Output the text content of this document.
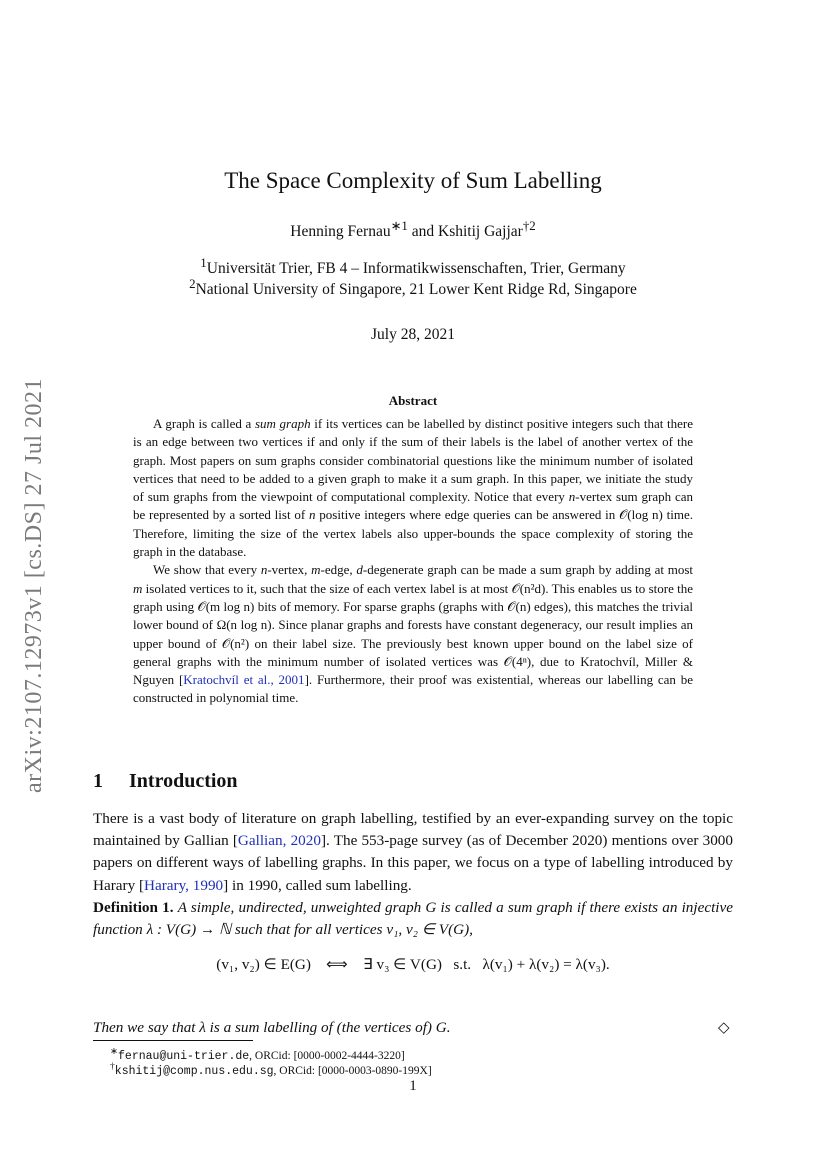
arXiv:2107.12973v1 [cs.DS] 27 Jul 2021
The Space Complexity of Sum Labelling
Henning Fernau$^{∗1}$ and Kshitij Gajjar$^{\dagger 2}$
$^1$Universität Trier, FB 4 – Informatikwissenschaften, Trier, Germany
$^2$National University of Singapore, 21 Lower Kent Ridge Rd, Singapore
July 28, 2021
Abstract

A graph is called a sum graph if its vertices can be labelled by distinct positive integers such that there is an edge between two vertices if and only if the sum of their labels is the label of another vertex of the graph. Most papers on sum graphs consider combinatorial questions like the minimum number of isolated vertices that need to be added to a given graph to make it a sum graph. In this paper, we initiate the study of sum graphs from the viewpoint of computational complexity. Notice that every n-vertex sum graph can be represented by a sorted list of n positive integers where edge queries can be answered in 𝒪(log n) time. Therefore, limiting the size of the vertex labels also upper-bounds the space complexity of storing the graph in the database.

We show that every n-vertex, m-edge, d-degenerate graph can be made a sum graph by adding at most m isolated vertices to it, such that the size of each vertex label is at most 𝒪(n²d). This enables us to store the graph using 𝒪(m log n) bits of memory. For sparse graphs (graphs with 𝒪(n) edges), this matches the trivial lower bound of Ω(n log n). Since planar graphs and forests have constant degeneracy, our result implies an upper bound of 𝒪(n²) on their label size. The previously best known upper bound on the label size of general graphs with the minimum number of isolated vertices was 𝒪(4ⁿ), due to Kratochvíl, Miller & Nguyen [Kratochvíl et al., 2001]. Furthermore, their proof was existential, whereas our labelling can be constructed in polynomial time.

1 Introduction

There is a vast body of literature on graph labelling, testified by an ever-expanding survey on the topic maintained by Gallian [Gallian, 2020]. The 553-page survey (as of December 2020) mentions over 3000 papers on different ways of labelling graphs. In this paper, we focus on a type of labelling introduced by Harary [Harary, 1990] in 1990, called sum labelling.

Definition 1. A simple, undirected, unweighted graph G is called a sum graph if there exists an injective function λ : V(G) → ℕ such that for all vertices v₁, v₂ ∈ V(G),

(v₁, v₂) ∈ E(G)    ⟺    ∃ v₃ ∈ V(G)   s.t.   λ(v₁) + λ(v₂) = λ(v₃).
Then we say that λ is a sum labelling of (the vertices of) G.	◇
∗fernau@uni-trier.de, ORCid: [0000-0002-4444-3220]
†kshitij@comp.nus.edu.sg, ORCid: [0000-0003-0890-199X]
1
